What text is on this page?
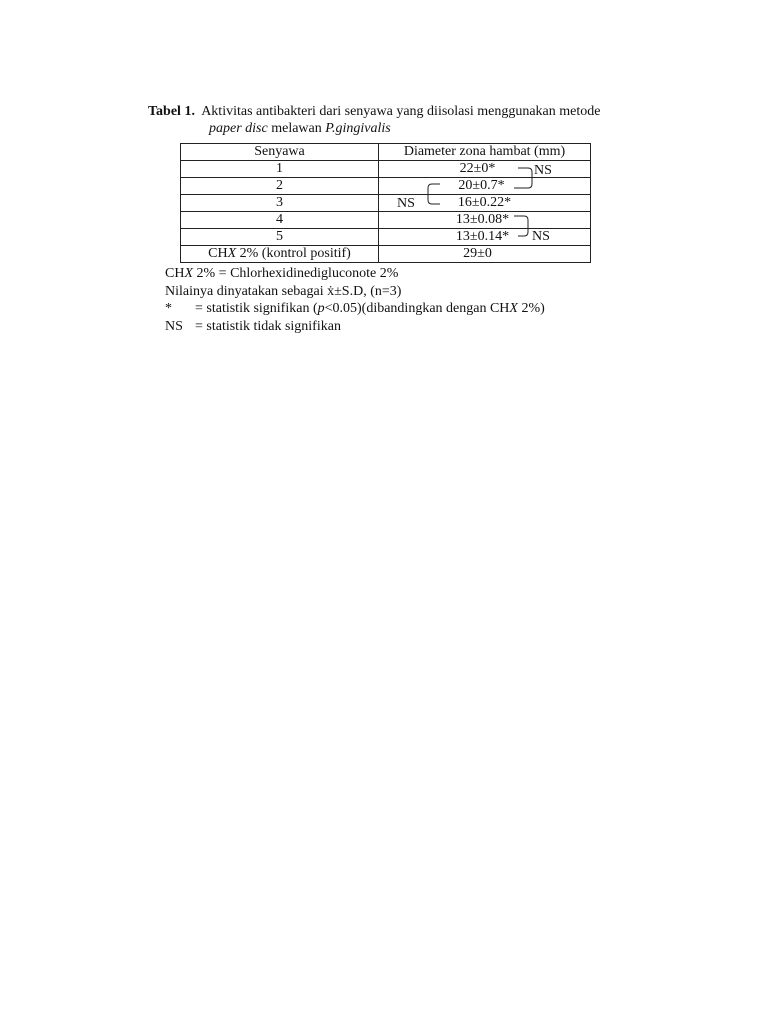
Tabel 1. Aktivitas antibakteri dari senyawa yang diisolasi menggunakan metode
paper disc melawan P.gingivalis
Senyawa	Diameter zona hambat (mm)
1	22±0*
2	20±0.7*
3	16±0.22*
4	13±0.08*
5	13±0.14*
CHX 2% (kontrol positif)	29±0
NS
NS
NS
CHX 2% = Chlorhexidinedigluconote 2%
Nilainya dinyatakan sebagai ẋ±S.D, (n=3)
* = statistik signifikan (p<0.05)(dibandingkan dengan CHX 2%)
NS = statistik tidak signifikan
